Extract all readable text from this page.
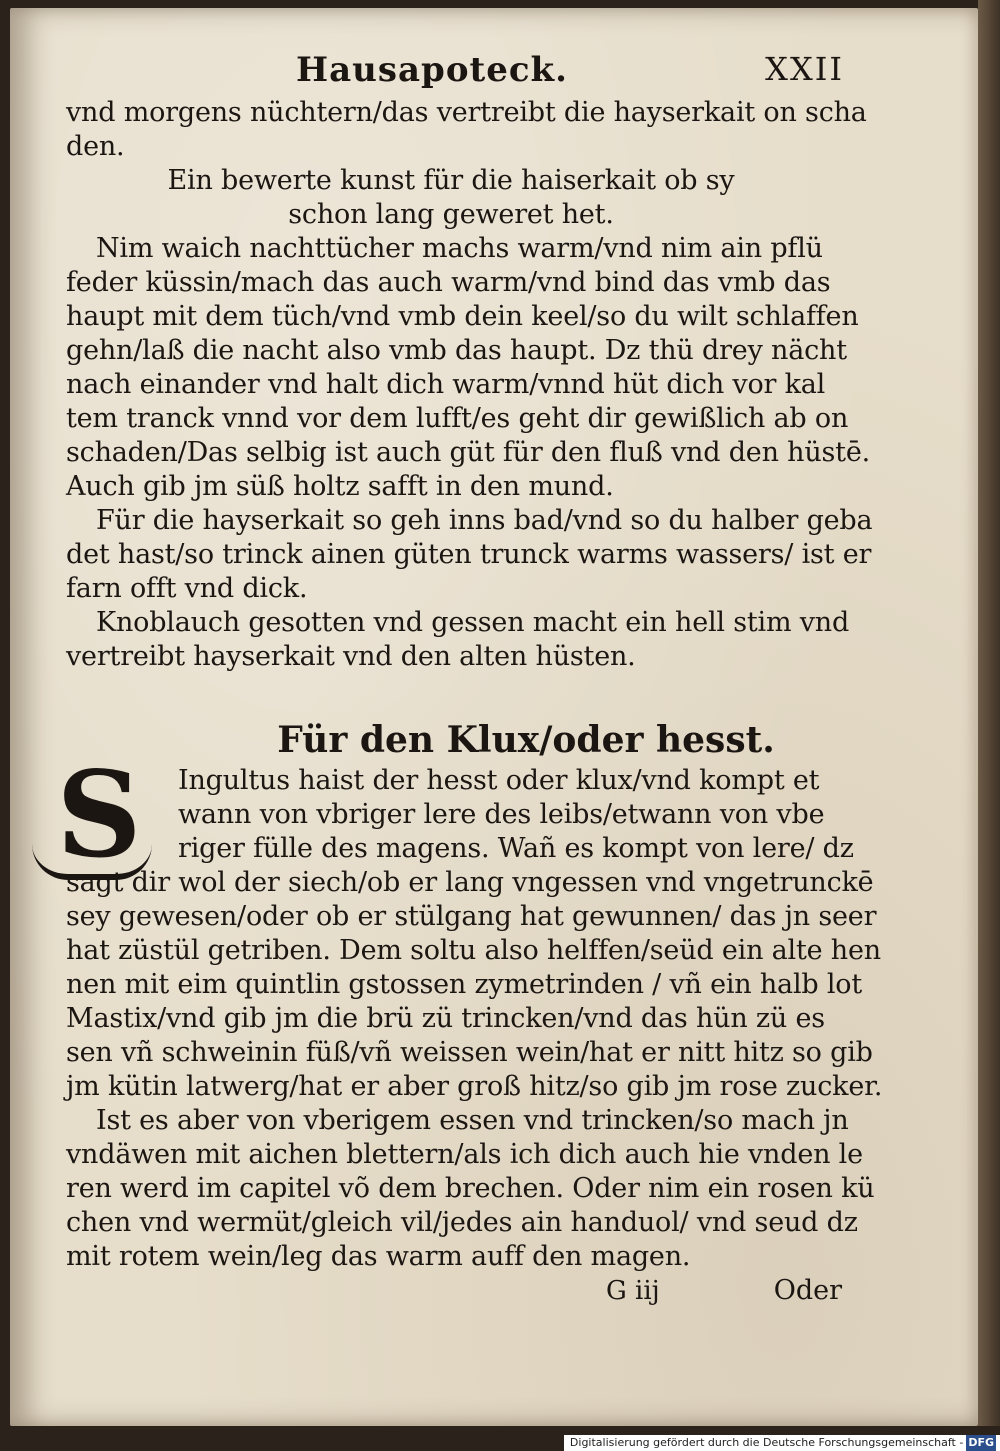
Hausapoteck.	XXII
vnd morgens nüchtern/das vertreibt die hayserkait on scha
den.
Ein bewerte kunst für die haiserkait ob sy
schon lang geweret het.
Nim waich nachttücher machs warm/vnd nim ain pflü
feder küssin/mach das auch warm/vnd bind das vmb das
haupt mit dem tüch/vnd vmb dein keel/so du wilt schlaffen
gehn/laß die nacht also vmb das haupt. Dz thü drey nächt
nach einander vnd halt dich warm/vnnd hüt dich vor kal
tem tranck vnnd vor dem lufft/es geht dir gewißlich ab on
schaden/Das selbig ist auch güt für den fluß vnd den hüstē.
Auch gib jm süß holtz safft in den mund.
Für die hayserkait so geh inns bad/vnd so du halber geba
det hast/so trinck ainen güten trunck warms wassers/ ist er
farn offt vnd dick.
Knoblauch gesotten vnd gessen macht ein hell stim vnd
vertreibt hayserkait vnd den alten hüsten.
Für den Klux/oder hesst.
S	Ingultus haist der hesst oder klux/vnd kompt et
wann von vbriger lere des leibs/etwann von vbe
riger fülle des magens. Wañ es kompt von lere/ dz
sagt dir wol der siech/ob er lang vngessen vnd vngetrunckē
sey gewesen/oder ob er stülgang hat gewunnen/ das jn seer
hat züstül getriben. Dem soltu also helffen/seüd ein alte hen
nen mit eim quintlin gstossen zymetrinden / vñ ein halb lot
Mastix/vnd gib jm die brü zü trincken/vnd das hün zü es
sen vñ schweinin füß/vñ weissen wein/hat er nitt hitz so gib
jm kütin latwerg/hat er aber groß hitz/so gib jm rose zucker.
Ist es aber von vberigem essen vnd trincken/so mach jn
vndäwen mit aichen blettern/als ich dich auch hie vnden le
ren werd im capitel võ dem brechen. Oder nim ein rosen kü
chen vnd wermüt/gleich vil/jedes ain handuol/ vnd seud dz
mit rotem wein/leg das warm auff den magen.
G iij	Oder
Digitalisierung gefördert durch die Deutsche Forschungsgemeinschaft - DFG
